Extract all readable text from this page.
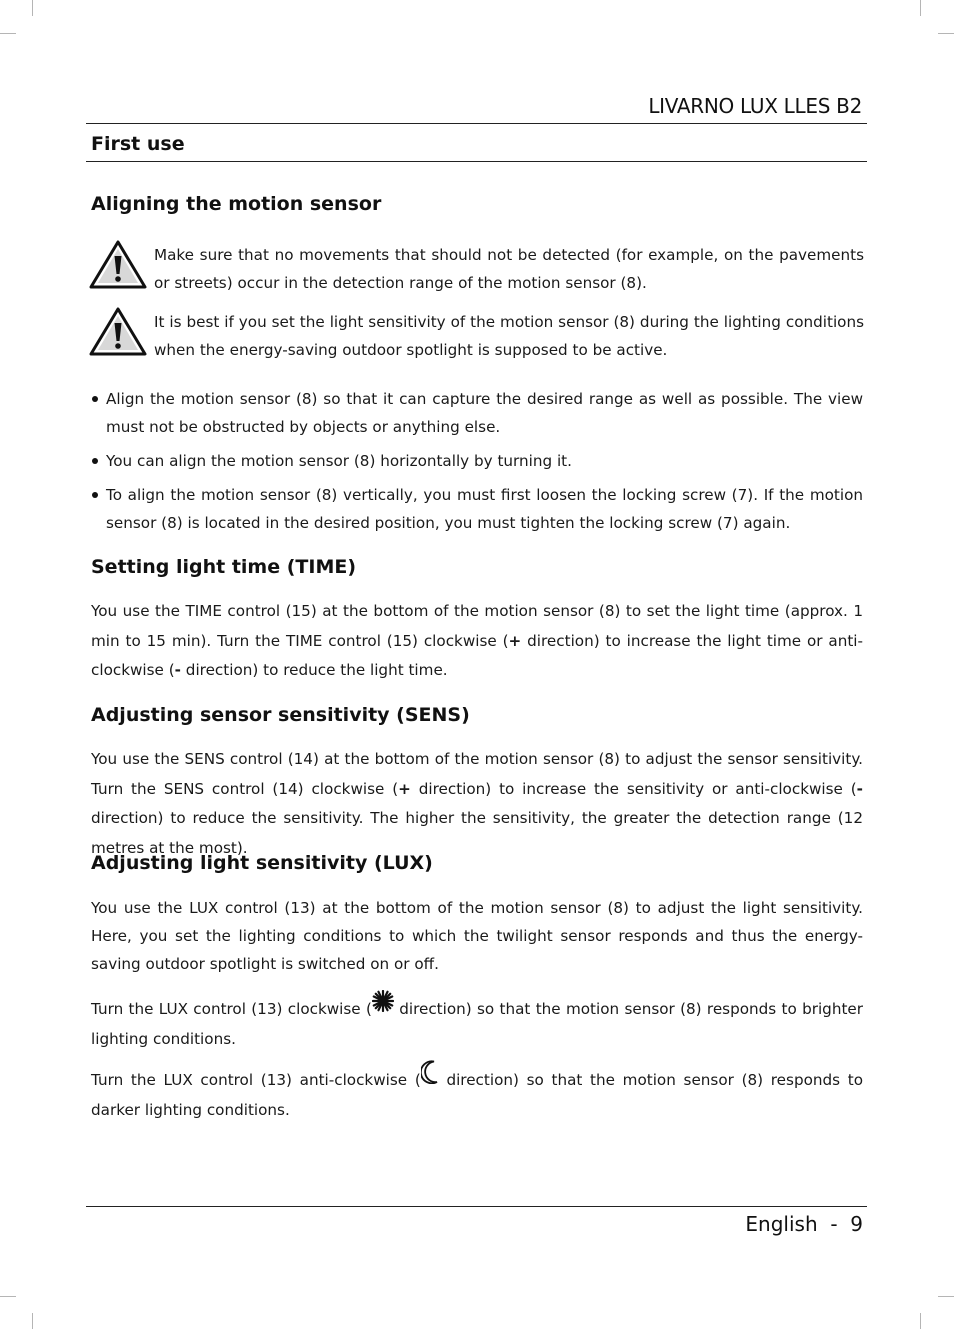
LIVARNO LUX LLES B2
First use
Aligning the motion sensor
Make sure that no movements that should not be detected (for example, on the pavements or streets) occur in the detection range of the motion sensor (8).
It is best if you set the light sensitivity of the motion sensor (8) during the lighting conditions when the energy-saving outdoor spotlight is supposed to be active.
Align the motion sensor (8) so that it can capture the desired range as well as possible. The view must not be obstructed by objects or anything else.
You can align the motion sensor (8) horizontally by turning it.
To align the motion sensor (8) vertically, you must first loosen the locking screw (7). If the motion sensor (8) is located in the desired position, you must tighten the locking screw (7) again.
Setting light time (TIME)

You use the TIME control (15) at the bottom of the motion sensor (8) to set the light time (approx. 1 min to 15 min). Turn the TIME control (15) clockwise (+ direction) to increase the light time or anti-clockwise (- direction) to reduce the light time.

Adjusting sensor sensitivity (SENS)

You use the SENS control (14) at the bottom of the motion sensor (8) to adjust the sensor sensitivity. Turn the SENS control (14) clockwise (+ direction) to increase the sensitivity or anti-clockwise (- direction) to reduce the sensitivity. The higher the sensitivity, the greater the detection range (12 metres at the most).

Adjusting light sensitivity (LUX)

You use the LUX control (13) at the bottom of the motion sensor (8) to adjust the light sensitivity. Here, you set the lighting conditions to which the twilight sensor responds and thus the energy-saving outdoor spotlight is switched on or off.

Turn the LUX control (13) clockwise ( direction) so that the motion sensor (8) responds to brighter lighting conditions.

Turn the LUX control (13) anti-clockwise ( direction) so that the motion sensor (8) responds to darker lighting conditions.

English  -  9
